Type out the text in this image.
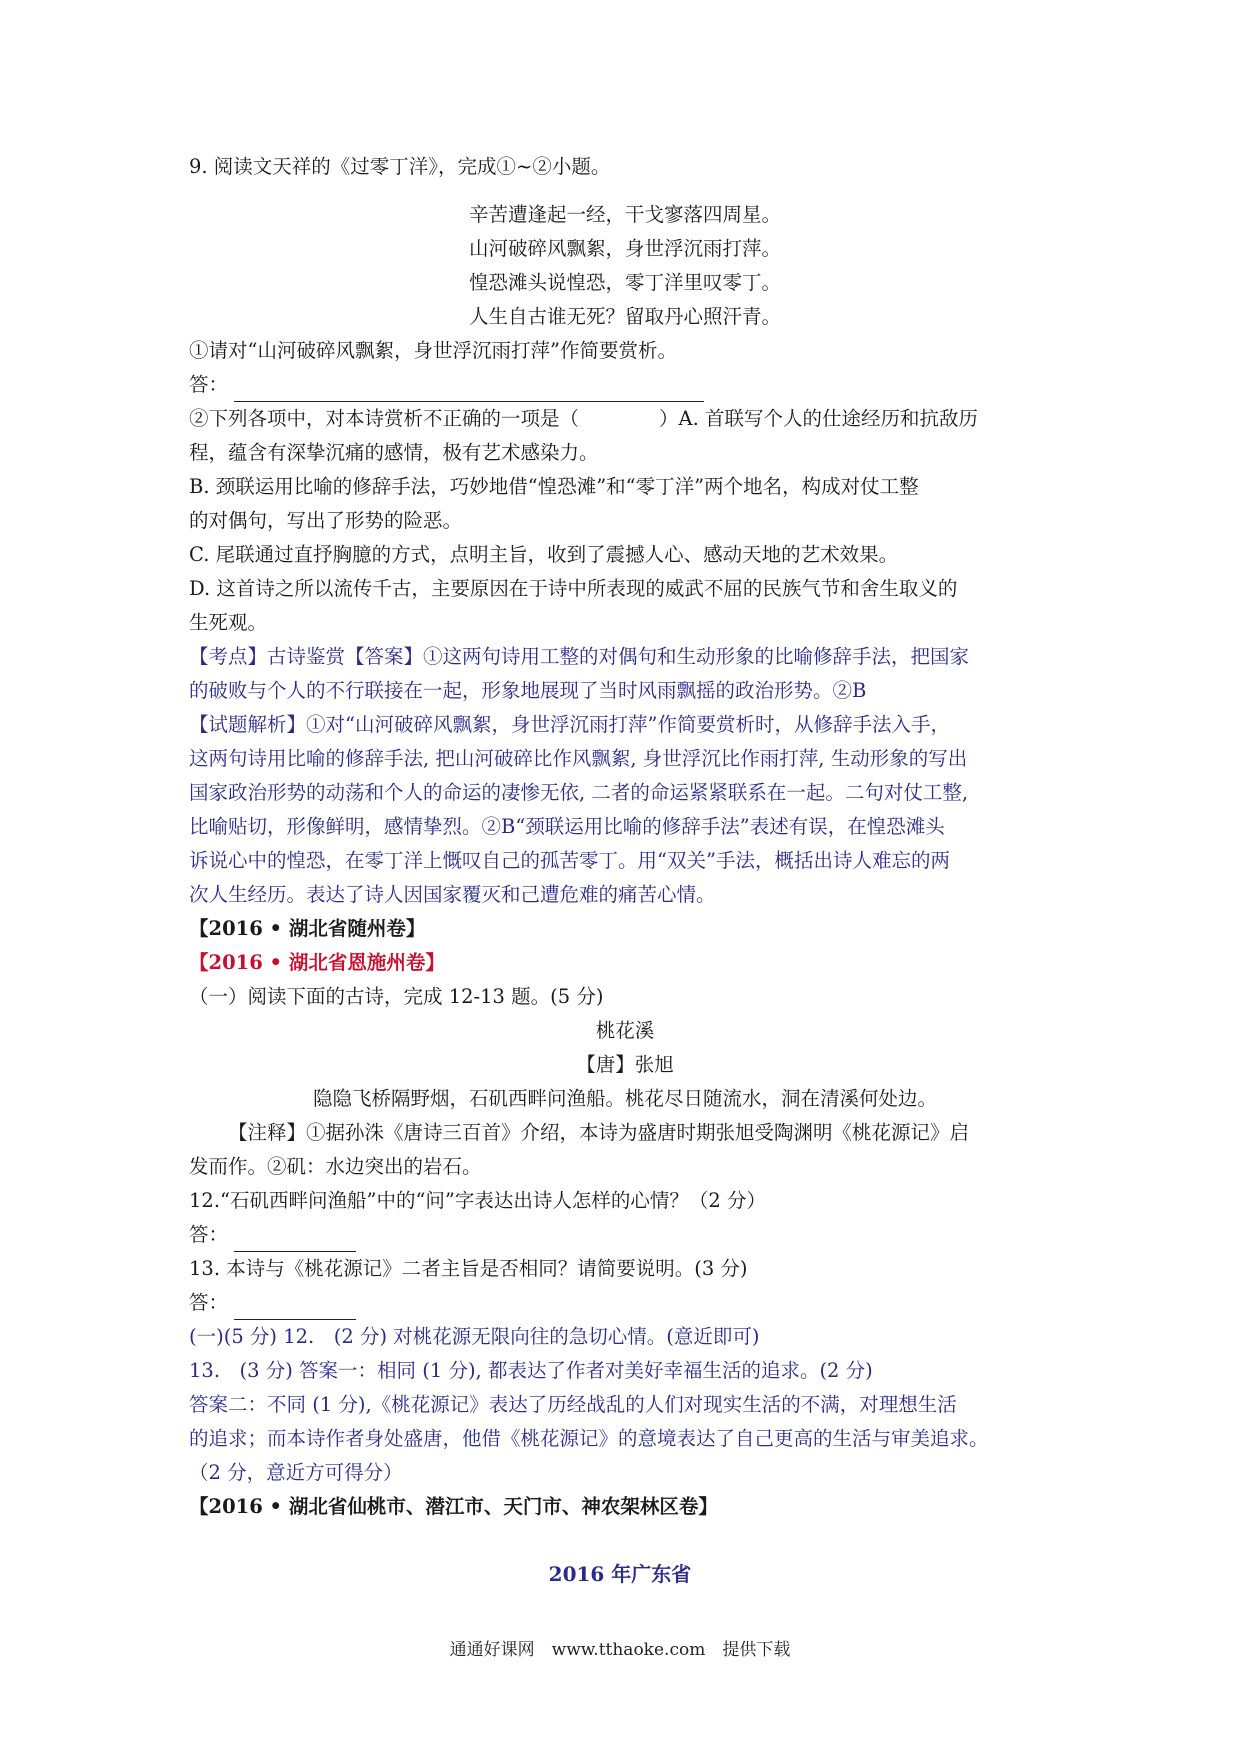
9. 阅读文天祥的《过零丁洋》，完成①~②小题。
辛苦遭逢起一经，干戈寥落四周星。
山河破碎风飘絮，身世浮沉雨打萍。
惶恐滩头说惶恐，零丁洋里叹零丁。
人生自古谁无死？留取丹心照汗青。
①请对“山河破碎风飘絮，身世浮沉雨打萍”作简要赏析。
答：
②下列各项中，对本诗赏析不正确的一项是（	）A. 首联写个人的仕途经历和抗敌历
程，蕴含有深挚沉痛的感情，极有艺术感染力。
B. 颈联运用比喻的修辞手法，巧妙地借“惶恐滩”和“零丁洋”两个地名，构成对仗工整
的对偶句，写出了形势的险恶。
C. 尾联通过直抒胸臆的方式，点明主旨，收到了震撼人心、感动天地的艺术效果。
D. 这首诗之所以流传千古，主要原因在于诗中所表现的威武不屈的民族气节和舍生取义的
生死观。
【考点】古诗鉴赏【答案】①这两句诗用工整的对偶句和生动形象的比喻修辞手法，把国家
的破败与个人的不行联接在一起，形象地展现了当时风雨飘摇的政治形势。②B
【试题解析】①对“山河破碎风飘絮，身世浮沉雨打萍”作简要赏析时，从修辞手法入手，
这两句诗用比喻的修辞手法, 把山河破碎比作风飘絮, 身世浮沉比作雨打萍, 生动形象的写出
国家政治形势的动荡和个人的命运的凄惨无依, 二者的命运紧紧联系在一起。二句对仗工整,
比喻贴切，形像鲜明，感情挚烈。②B“颈联运用比喻的修辞手法”表述有误，在惶恐滩头
诉说心中的惶恐，在零丁洋上慨叹自己的孤苦零丁。用“双关”手法，概括出诗人难忘的两
次人生经历。表达了诗人因国家覆灭和己遭危难的痛苦心情。
【2016 • 湖北省随州卷】
【2016 • 湖北省恩施州卷】
（一）阅读下面的古诗，完成 12-13 题。(5 分)
桃花溪
【唐】张旭
隐隐飞桥隔野烟，石矶西畔问渔船。桃花尽日随流水，洞在清溪何处边。
【注释】①据孙洙《唐诗三百首》介绍，本诗为盛唐时期张旭受陶渊明《桃花源记》启
发而作。②矶：水边突出的岩石。
12.“石矶西畔问渔船”中的“问”字表达出诗人怎样的心情？（2 分）
答：
13. 本诗与《桃花源记》二者主旨是否相同？请简要说明。(3 分)
答：
(一)(5 分) 12.　(2 分) 对桃花源无限向往的急切心情。(意近即可)
13.　(3 分) 答案一：相同 (1 分), 都表达了作者对美好幸福生活的追求。(2 分)
答案二：不同 (1 分),《桃花源记》表达了历经战乱的人们对现实生活的不满，对理想生活
的追求；而本诗作者身处盛唐，他借《桃花源记》的意境表达了自己更高的生活与审美追求。
（2 分，意近方可得分）
【2016 • 湖北省仙桃市、潜江市、天门市、神农架林区卷】
2016 年广东省
通通好课网　www.tthaoke.com　提供下载
